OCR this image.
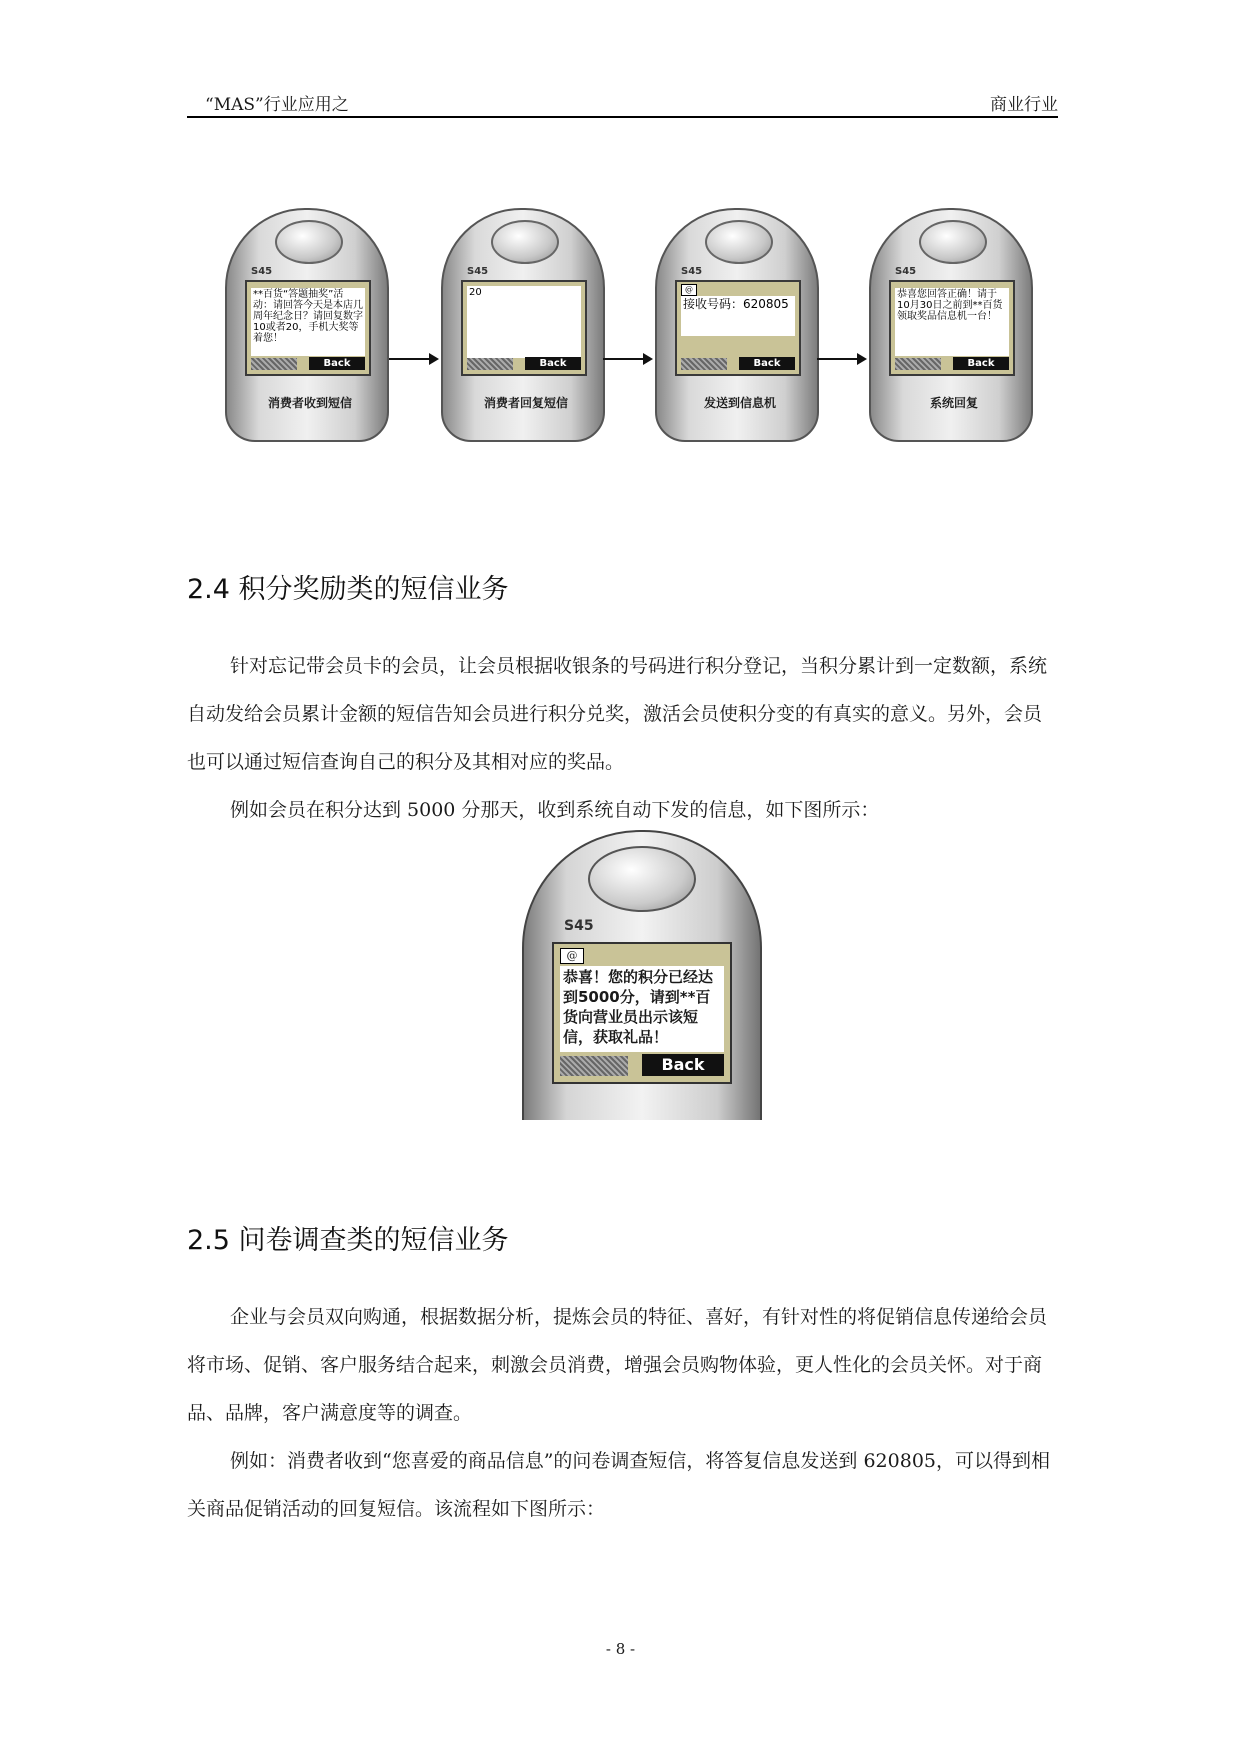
“MAS”行业应用之	商业行业
S45
**百货“答题抽奖”活动：请回答今天是本店几周年纪念日？请回复数字10或者20，手机大奖等着您！
Back
消费者收到短信
S45
20
Back
消费者回复短信
S45
@
接收号码：620805
Back
发送到信息机
S45
恭喜您回答正确！请于10月30日之前到**百货领取奖品信息机一台！
Back
系统回复
2.4 积分奖励类的短信业务

针对忘记带会员卡的会员，让会员根据收银条的号码进行积分登记，当积分累计到一定数额，系统自动发给会员累计金额的短信告知会员进行积分兑奖，激活会员使积分变的有真实的意义。另外，会员也可以通过短信查询自己的积分及其相对应的奖品。

例如会员在积分达到 5000 分那天，收到系统自动下发的信息，如下图所示：

S45
@
恭喜！您的积分已经达到5000分，请到**百货向营业员出示该短信，获取礼品！
Back
2.5 问卷调查类的短信业务

企业与会员双向购通，根据数据分析，提炼会员的特征、喜好，有针对性的将促销信息传递给会员将市场、促销、客户服务结合起来，刺激会员消费，增强会员购物体验，更人性化的会员关怀。对于商品、品牌，客户满意度等的调查。

例如：消费者收到“您喜爱的商品信息”的问卷调查短信，将答复信息发送到 620805，可以得到相关商品促销活动的回复短信。该流程如下图所示：

- 8 -
